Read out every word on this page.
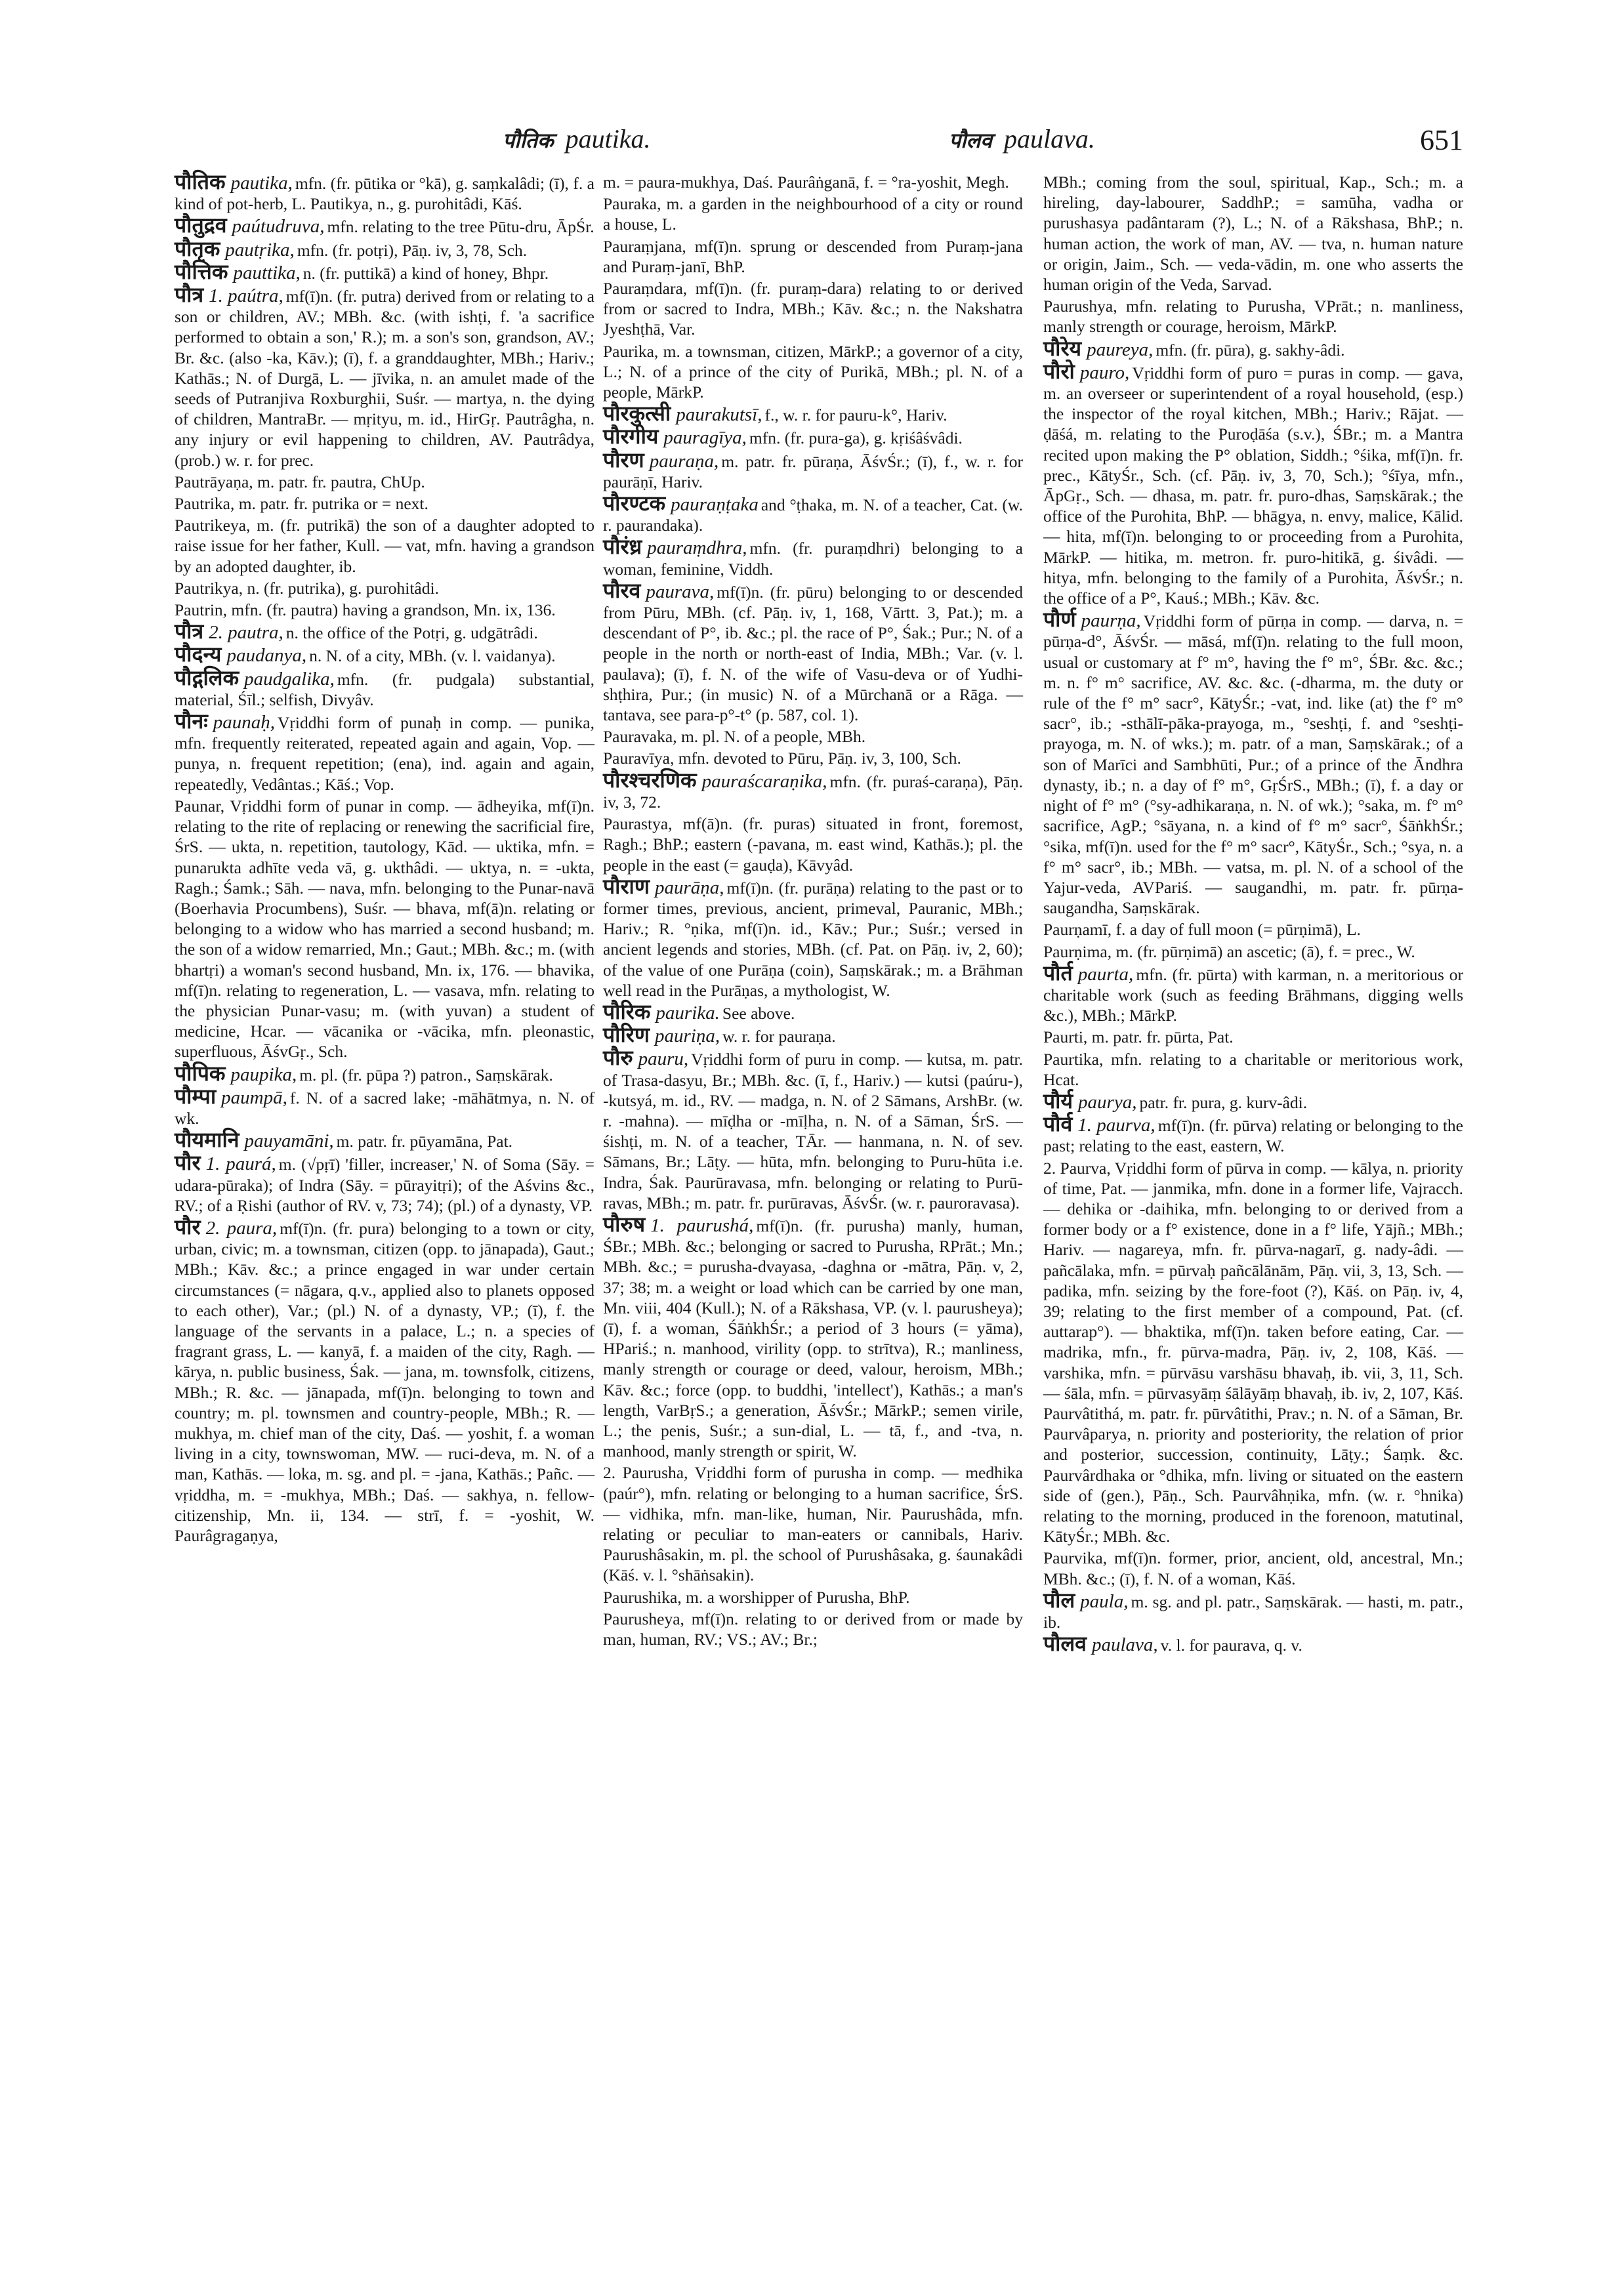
पौतिक pautika.	पौलव paulava.	651

पौतिक pautika, mfn. (fr. pūtika or °kā), g. saṃkalâdi; (ī), f. a kind of pot-herb, L. Pautikya, n., g. purohitâdi, Kāś.

पौतुद्रव paútudruva, mfn. relating to the tree Pūtu-dru, ĀpŚr.

पौतृक pautṛika, mfn. (fr. potṛi), Pāṇ. iv, 3, 78, Sch.

पौत्तिक pauttika, n. (fr. puttikā) a kind of honey, Bhpr.

पौत्र 1. paútra, mf(ī)n. (fr. putra) derived from or relating to a son or children, AV.; MBh. &c. (with ishṭi, f. 'a sacrifice performed to obtain a son,' R.); m. a son's son, grandson, AV.; Br. &c. (also -ka, Kāv.); (ī), f. a granddaughter, MBh.; Hariv.; Kathās.; N. of Durgā, L. — jīvika, n. an amulet made of the seeds of Putranjiva Roxburghii, Suśr. — martya, n. the dying of children, MantraBr. — mṛityu, m. id., HirGṛ. Pautrâgha, n. any injury or evil happening to children, AV. Pautrâdya, (prob.) w. r. for prec.

Pautrāyaṇa, m. patr. fr. pautra, ChUp.

Pautrika, m. patr. fr. putrika or = next.

Pautrikeya, m. (fr. putrikā) the son of a daughter adopted to raise issue for her father, Kull. — vat, mfn. having a grandson by an adopted daughter, ib.

Pautrikya, n. (fr. putrika), g. purohitâdi.

Pautrin, mfn. (fr. pautra) having a grandson, Mn. ix, 136.

पौत्र 2. pautra, n. the office of the Potṛi, g. udgātrâdi.

पौदन्य paudanya, n. N. of a city, MBh. (v. l. vaidanya).

पौद्गलिक paudgalika, mfn. (fr. pudgala) substantial, material, Śīl.; selfish, Divyâv.

पौनः paunaḥ, Vṛiddhi form of punaḥ in comp. — punika, mfn. frequently reiterated, repeated again and again, Vop. — punya, n. frequent repetition; (ena), ind. again and again, repeatedly, Vedântas.; Kāś.; Vop.

Paunar, Vṛiddhi form of punar in comp. — ādheyika, mf(ī)n. relating to the rite of replacing or renewing the sacrificial fire, ŚrS. — ukta, n. repetition, tautology, Kād. — uktika, mfn. = punarukta adhīte veda vā, g. ukthâdi. — uktya, n. = -ukta, Ragh.; Śamk.; Sāh. — nava, mfn. belonging to the Punar-navā (Boerhavia Procumbens), Suśr. — bhava, mf(ā)n. relating or belonging to a widow who has married a second husband; m. the son of a widow remarried, Mn.; Gaut.; MBh. &c.; m. (with bhartṛi) a woman's second husband, Mn. ix, 176. — bhavika, mf(ī)n. relating to regeneration, L. — vasava, mfn. relating to the physician Punar-vasu; m. (with yuvan) a student of medicine, Hcar. — vācanika or -vācika, mfn. pleonastic, superfluous, ĀśvGṛ., Sch.

पौपिक paupika, m. pl. (fr. pūpa ?) patron., Saṃskārak.

पौम्पा paumpā, f. N. of a sacred lake; -māhātmya, n. N. of wk.

पौयमानि pauyamāni, m. patr. fr. pūyamāna, Pat.

पौर 1. paurá, m. (√pṛī) 'filler, increaser,' N. of Soma (Sāy. = udara-pūraka); of Indra (Sāy. = pūrayitṛi); of the Aśvins &c., RV.; of a Ṛishi (author of RV. v, 73; 74); (pl.) of a dynasty, VP.

पौर 2. paura, mf(ī)n. (fr. pura) belonging to a town or city, urban, civic; m. a townsman, citizen (opp. to jānapada), Gaut.; MBh.; Kāv. &c.; a prince engaged in war under certain circumstances (= nāgara, q.v., applied also to planets opposed to each other), Var.; (pl.) N. of a dynasty, VP.; (ī), f. the language of the servants in a palace, L.; n. a species of fragrant grass, L. — kanyā, f. a maiden of the city, Ragh. — kārya, n. public business, Śak. — jana, m. townsfolk, citizens, MBh.; R. &c. — jānapada, mf(ī)n. belonging to town and country; m. pl. townsmen and country-people, MBh.; R. — mukhya, m. chief man of the city, Daś. — yoshit, f. a woman living in a city, townswoman, MW. — ruci-deva, m. N. of a man, Kathās. — loka, m. sg. and pl. = -jana, Kathās.; Pañc. — vṛiddha, m. = -mukhya, MBh.; Daś. — sakhya, n. fellow-citizenship, Mn. ii, 134. — strī, f. = -yoshit, W. Paurâgragaṇya,

m. = paura-mukhya, Daś. Paurâṅganā, f. = °ra-yoshit, Megh.

Pauraka, m. a garden in the neighbourhood of a city or round a house, L.

Pauraṃjana, mf(ī)n. sprung or descended from Puraṃ-jana and Puraṃ-janī, BhP.

Pauraṃdara, mf(ī)n. (fr. puraṃ-dara) relating to or derived from or sacred to Indra, MBh.; Kāv. &c.; n. the Nakshatra Jyeshṭhā, Var.

Paurika, m. a townsman, citizen, MārkP.; a governor of a city, L.; N. of a prince of the city of Purikā, MBh.; pl. N. of a people, MārkP.

पौरकुत्सी paurakutsī, f., w. r. for pauru-k°, Hariv.

पौरगीय pauragīya, mfn. (fr. pura-ga), g. kṛiśâśvâdi.

पौरण pauraṇa, m. patr. fr. pūraṇa, ĀśvŚr.; (ī), f., w. r. for paurāṇī, Hariv.

पौरण्टक pauraṇṭaka and °ṭhaka, m. N. of a teacher, Cat. (w. r. paurandaka).

पौरंध्र pauraṃdhra, mfn. (fr. puraṃdhri) belonging to a woman, feminine, Viddh.

पौरव paurava, mf(ī)n. (fr. pūru) belonging to or descended from Pūru, MBh. (cf. Pāṇ. iv, 1, 168, Vārtt. 3, Pat.); m. a descendant of P°, ib. &c.; pl. the race of P°, Śak.; Pur.; N. of a people in the north or north-east of India, MBh.; Var. (v. l. paulava); (ī), f. N. of the wife of Vasu-deva or of Yudhi-shṭhira, Pur.; (in music) N. of a Mūrchanā or a Rāga. — tantava, see para-p°-t° (p. 587, col. 1).

Pauravaka, m. pl. N. of a people, MBh.

Pauravīya, mfn. devoted to Pūru, Pāṇ. iv, 3, 100, Sch.

पौरश्चरणिक pauraścaraṇika, mfn. (fr. puraś-caraṇa), Pāṇ. iv, 3, 72.

Paurastya, mf(ā)n. (fr. puras) situated in front, foremost, Ragh.; BhP.; eastern (-pavana, m. east wind, Kathās.); pl. the people in the east (= gauḍa), Kāvyâd.

पौराण paurāṇa, mf(ī)n. (fr. purāṇa) relating to the past or to former times, previous, ancient, primeval, Pauranic, MBh.; Hariv.; R. °ṇika, mf(ī)n. id., Kāv.; Pur.; Suśr.; versed in ancient legends and stories, MBh. (cf. Pat. on Pāṇ. iv, 2, 60); of the value of one Purāṇa (coin), Saṃskārak.; m. a Brāhman well read in the Purāṇas, a mythologist, W.

पौरिक paurika. See above.

पौरिण pauriṇa, w. r. for pauraṇa.

पौरु pauru, Vṛiddhi form of puru in comp. — kutsa, m. patr. of Trasa-dasyu, Br.; MBh. &c. (ī, f., Hariv.) — kutsi (paúru-), -kutsyá, m. id., RV. — madga, n. N. of 2 Sāmans, ArshBr. (w. r. -mahna). — mīḍha or -mīḷha, n. N. of a Sāman, ŚrS. — śishṭi, m. N. of a teacher, TĀr. — hanmana, n. N. of sev. Sāmans, Br.; Lāṭy. — hūta, mfn. belonging to Puru-hūta i.e. Indra, Śak. Paurūravasa, mfn. belonging or relating to Purū-ravas, MBh.; m. patr. fr. purūravas, ĀśvŚr. (w. r. pauroravasa).

पौरुष 1. paurushá, mf(ī)n. (fr. purusha) manly, human, ŚBr.; MBh. &c.; belonging or sacred to Purusha, RPrāt.; Mn.; MBh. &c.; = purusha-dvayasa, -daghna or -mātra, Pāṇ. v, 2, 37; 38; m. a weight or load which can be carried by one man, Mn. viii, 404 (Kull.); N. of a Rākshasa, VP. (v. l. paurusheya); (ī), f. a woman, ŚāṅkhŚr.; a period of 3 hours (= yāma), HPariś.; n. manhood, virility (opp. to strītva), R.; manliness, manly strength or courage or deed, valour, heroism, MBh.; Kāv. &c.; force (opp. to buddhi, 'intellect'), Kathās.; a man's length, VarBṛS.; a generation, ĀśvŚr.; MārkP.; semen virile, L.; the penis, Suśr.; a sun-dial, L. — tā, f., and -tva, n. manhood, manly strength or spirit, W.

2. Paurusha, Vṛiddhi form of purusha in comp. — medhika (paúr°), mfn. relating or belonging to a human sacrifice, ŚrS. — vidhika, mfn. man-like, human, Nir. Paurushâda, mfn. relating or peculiar to man-eaters or cannibals, Hariv. Paurushâsakin, m. pl. the school of Purushâsaka, g. śaunakâdi (Kāś. v. l. °shāṅsakin).

Paurushika, m. a worshipper of Purusha, BhP.

Paurusheya, mf(ī)n. relating to or derived from or made by man, human, RV.; VS.; AV.; Br.;

MBh.; coming from the soul, spiritual, Kap., Sch.; m. a hireling, day-labourer, SaddhP.; = samūha, vadha or purushasya padântaram (?), L.; N. of a Rākshasa, BhP.; n. human action, the work of man, AV. — tva, n. human nature or origin, Jaim., Sch. — veda-vādin, m. one who asserts the human origin of the Veda, Sarvad.

Paurushya, mfn. relating to Purusha, VPrāt.; n. manliness, manly strength or courage, heroism, MārkP.

पौरेय paureya, mfn. (fr. pūra), g. sakhy-âdi.

पौरो pauro, Vṛiddhi form of puro = puras in comp. — gava, m. an overseer or superintendent of a royal household, (esp.) the inspector of the royal kitchen, MBh.; Hariv.; Rājat. — ḍāśá, m. relating to the Puroḍāśa (s.v.), ŚBr.; m. a Mantra recited upon making the P° oblation, Siddh.; °śika, mf(ī)n. fr. prec., KātyŚr., Sch. (cf. Pāṇ. iv, 3, 70, Sch.); °śīya, mfn., ĀpGṛ., Sch. — dhasa, m. patr. fr. puro-dhas, Saṃskārak.; the office of the Purohita, BhP. — bhāgya, n. envy, malice, Kālid. — hita, mf(ī)n. belonging to or proceeding from a Purohita, MārkP. — hitika, m. metron. fr. puro-hitikā, g. śivâdi. — hitya, mfn. belonging to the family of a Purohita, ĀśvŚr.; n. the office of a P°, Kauś.; MBh.; Kāv. &c.

पौर्ण paurṇa, Vṛiddhi form of pūrṇa in comp. — darva, n. = pūrṇa-d°, ĀśvŚr. — māsá, mf(ī)n. relating to the full moon, usual or customary at f° m°, having the f° m°, ŚBr. &c. &c.; m. n. f° m° sacrifice, AV. &c. &c. (-dharma, m. the duty or rule of the f° m° sacr°, KātyŚr.; -vat, ind. like (at) the f° m° sacr°, ib.; -sthālī-pāka-prayoga, m., °seshṭi, f. and °seshṭi-prayoga, m. N. of wks.); m. patr. of a man, Saṃskārak.; of a son of Marīci and Sambhūti, Pur.; of a prince of the Āndhra dynasty, ib.; n. a day of f° m°, GṛŚrS., MBh.; (ī), f. a day or night of f° m° (°sy-adhikaraṇa, n. N. of wk.); °saka, m. f° m° sacrifice, AgP.; °sāyana, n. a kind of f° m° sacr°, ŚāṅkhŚr.; °sika, mf(ī)n. used for the f° m° sacr°, KātyŚr., Sch.; °sya, n. a f° m° sacr°, ib.; MBh. — vatsa, m. pl. N. of a school of the Yajur-veda, AVPariś. — saugandhi, m. patr. fr. pūrṇa-saugandha, Saṃskārak.

Paurṇamī, f. a day of full moon (= pūrṇimā), L.

Paurṇima, m. (fr. pūrṇimā) an ascetic; (ā), f. = prec., W.

पौर्त paurta, mfn. (fr. pūrta) with karman, n. a meritorious or charitable work (such as feeding Brāhmans, digging wells &c.), MBh.; MārkP.

Paurti, m. patr. fr. pūrta, Pat.

Paurtika, mfn. relating to a charitable or meritorious work, Hcat.

पौर्य paurya, patr. fr. pura, g. kurv-âdi.

पौर्व 1. paurva, mf(ī)n. (fr. pūrva) relating or belonging to the past; relating to the east, eastern, W.

2. Paurva, Vṛiddhi form of pūrva in comp. — kālya, n. priority of time, Pat. — janmika, mfn. done in a former life, Vajracch. — dehika or -daihika, mfn. belonging to or derived from a former body or a f° existence, done in a f° life, Yājñ.; MBh.; Hariv. — nagareya, mfn. fr. pūrva-nagarī, g. nady-âdi. — pañcālaka, mfn. = pūrvaḥ pañcālānām, Pāṇ. vii, 3, 13, Sch. — padika, mfn. seizing by the fore-foot (?), Kāś. on Pāṇ. iv, 4, 39; relating to the first member of a compound, Pat. (cf. auttarap°). — bhaktika, mf(ī)n. taken before eating, Car. — madrika, mfn., fr. pūrva-madra, Pāṇ. iv, 2, 108, Kāś. — varshika, mfn. = pūrvāsu varshāsu bhavaḥ, ib. vii, 3, 11, Sch. — śāla, mfn. = pūrvasyāṃ śālāyāṃ bhavaḥ, ib. iv, 2, 107, Kāś. Paurvâtithá, m. patr. fr. pūrvâtithi, Prav.; n. N. of a Sāman, Br. Paurvâparya, n. priority and posteriority, the relation of prior and posterior, succession, continuity, Lāṭy.; Śaṃk. &c. Paurvârdhaka or °dhika, mfn. living or situated on the eastern side of (gen.), Pāṇ., Sch. Paurvâhṇika, mfn. (w. r. °hnika) relating to the morning, produced in the forenoon, matutinal, KātyŚr.; MBh. &c.

Paurvika, mf(ī)n. former, prior, ancient, old, ancestral, Mn.; MBh. &c.; (ī), f. N. of a woman, Kāś.

पौल paula, m. sg. and pl. patr., Saṃskārak. — hasti, m. patr., ib.

पौलव paulava, v. l. for paurava, q. v.
